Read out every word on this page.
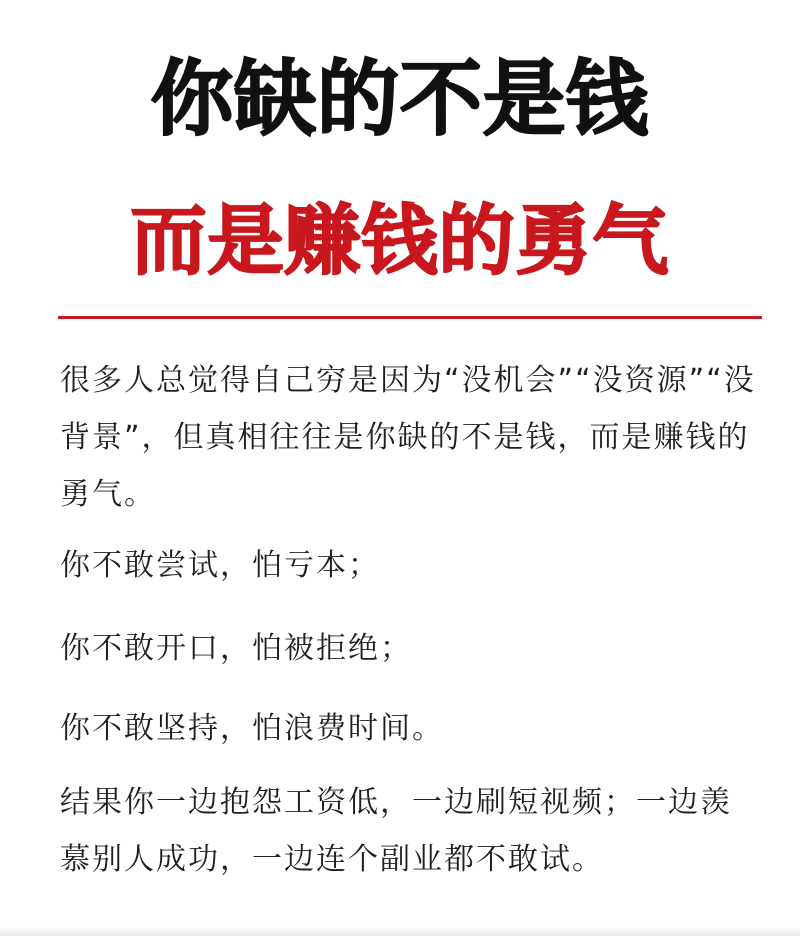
你缺的不是钱
而是赚钱的勇气
很多人总觉得自己穷是因为“没机会”“没资源”“没背景”，但真相往往是你缺的不是钱，而是赚钱的勇气。
你不敢尝试，怕亏本；
你不敢开口，怕被拒绝；
你不敢坚持，怕浪费时间。
结果你一边抱怨工资低，一边刷短视频；一边羡慕别人成功，一边连个副业都不敢试。
